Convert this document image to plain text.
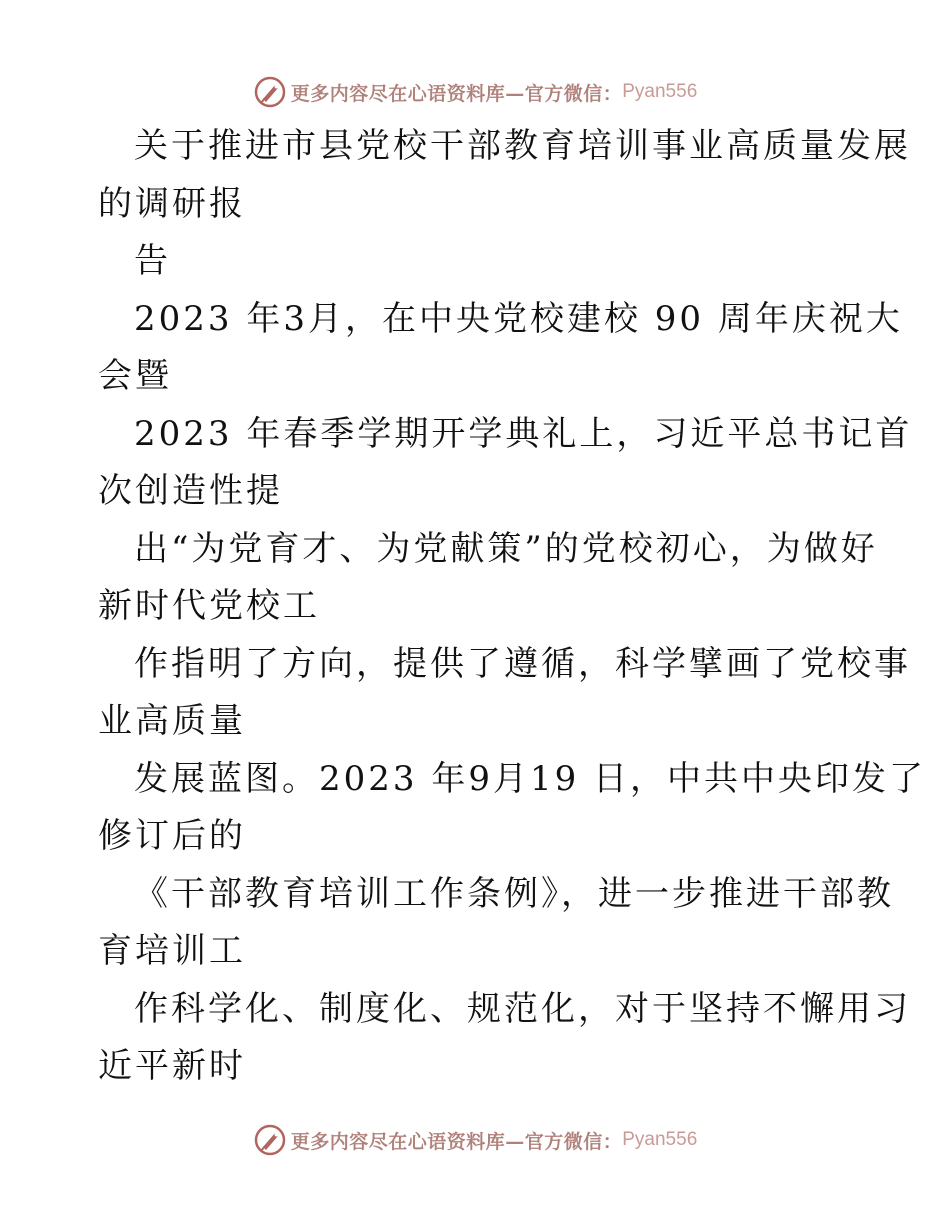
更多内容尽在心语资料库—官方微信： Pyan556
关于推进市县党校干部教育培训事业高质量发展
的调研报
告
2023 年3月，在中央党校建校 90 周年庆祝大
会暨
2023 年春季学期开学典礼上，习近平总书记首
次创造性提
出“为党育才、为党献策”的党校初心，为做好
新时代党校工
作指明了方向，提供了遵循，科学擘画了党校事
业高质量
发展蓝图。2023 年9月19 日，中共中央印发了
修订后的
《干部教育培训工作条例》，进一步推进干部教
育培训工
作科学化、制度化、规范化，对于坚持不懈用习
近平新时
更多内容尽在心语资料库—官方微信： Pyan556
